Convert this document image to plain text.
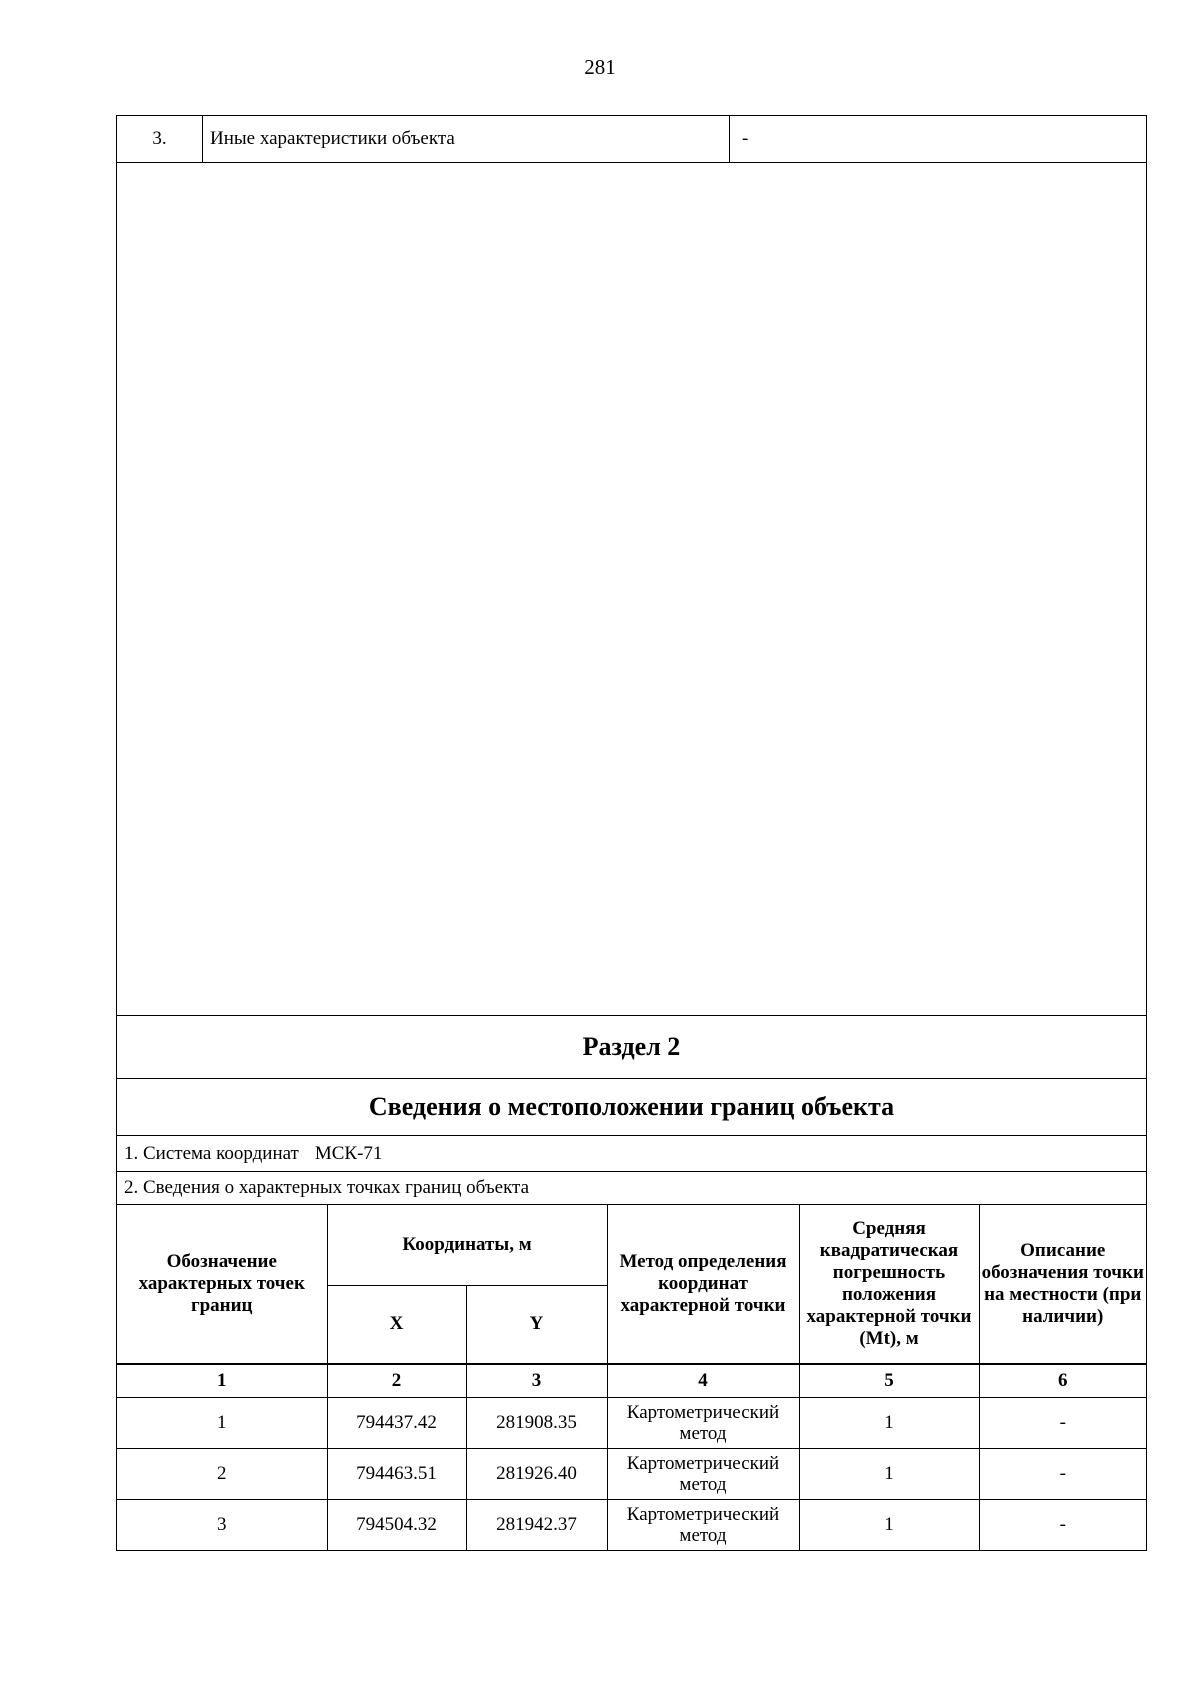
281
3.	Иные характеристики объекта	-
Раздел 2
Сведения о местоположении границ объекта
1. Система координат МСК-71
2. Сведения о характерных точках границ объекта
Обозначение характерных точек границ	Координаты, м		Метод определения координат характерной точки	Средняя квадратическая погрешность положения характерной точки (Mt), м	Описание обозначения точки на местности (при наличии)
	X	Y			
1	2	3	4	5	6
1	794437.42	281908.35	Картометрический метод	1	-
2	794463.51	281926.40	Картометрический метод	1	-
3	794504.32	281942.37	Картометрический метод	1	-
